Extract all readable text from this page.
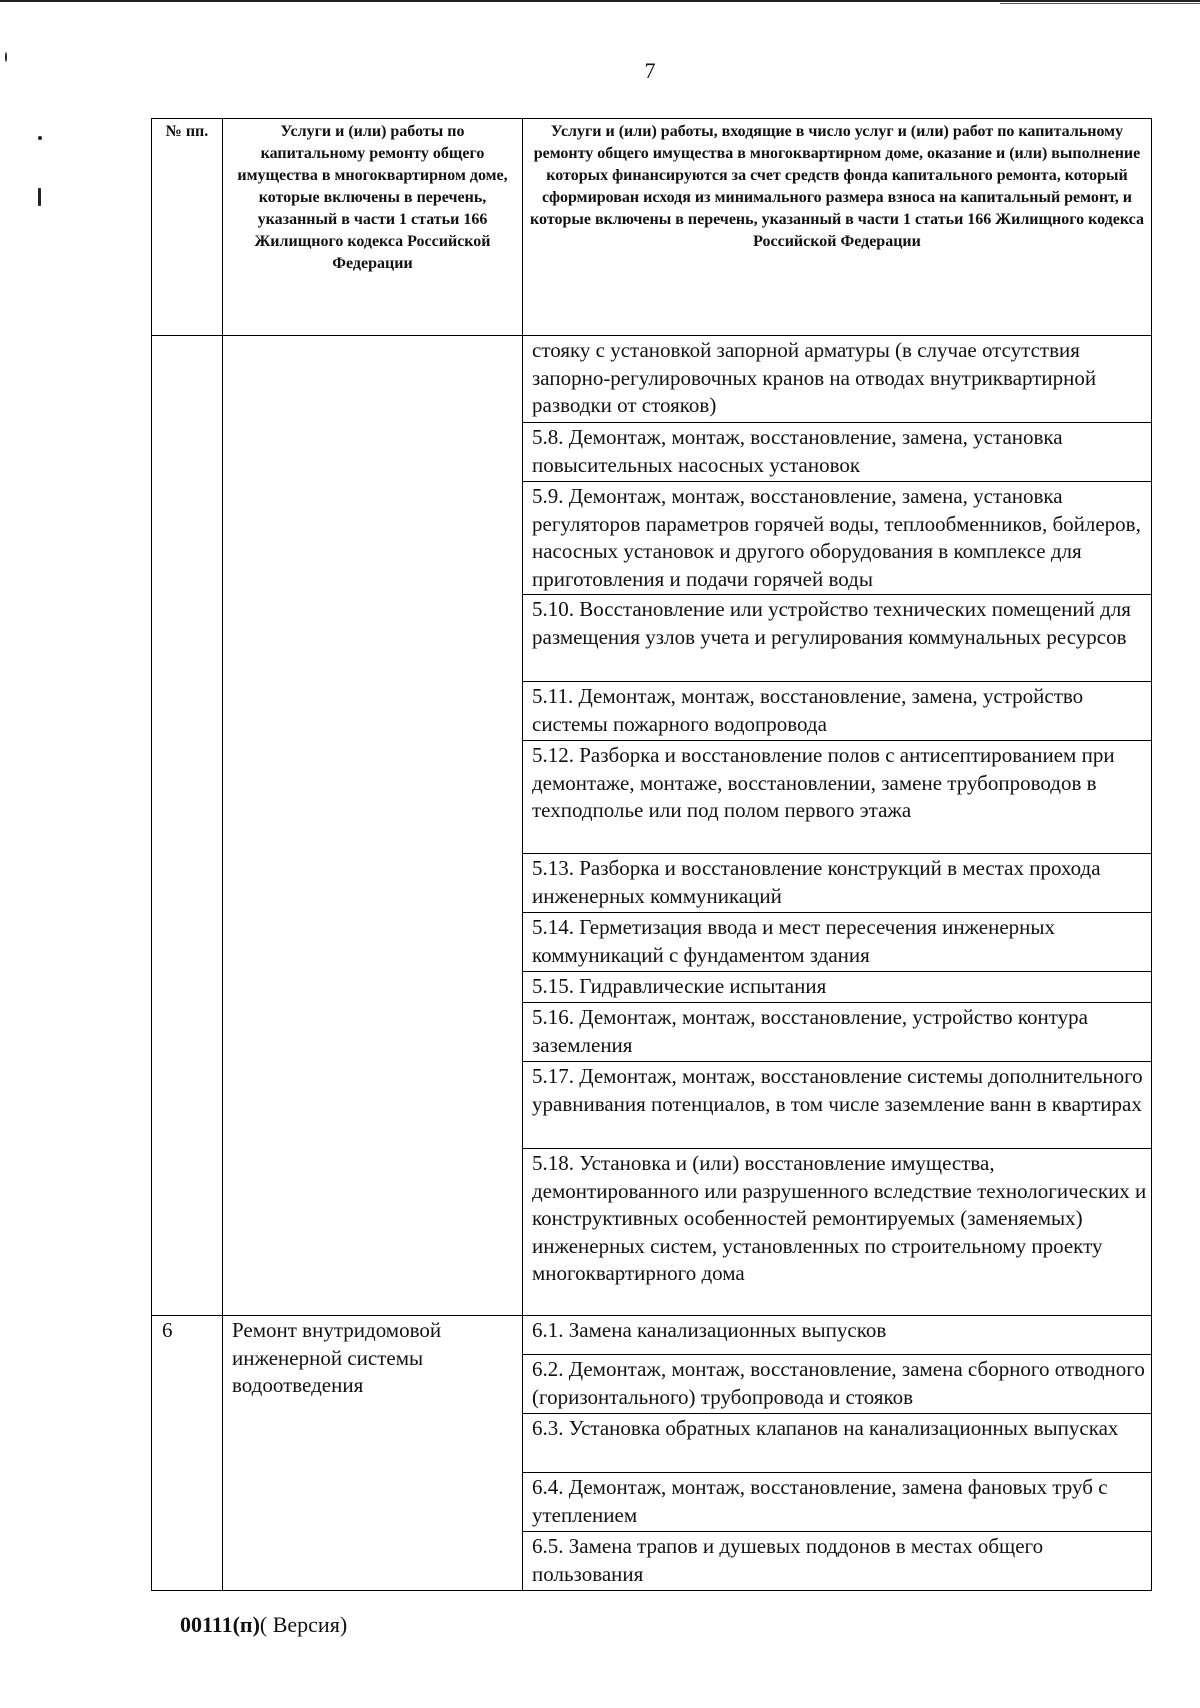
7
№ пп.	Услуги и (или) работы по капитальному ремонту общего имущества в многоквартирном доме, которые включены в перечень, указанный в части 1 статьи 166 Жилищного кодекса Российской Федерации	Услуги и (или) работы, входящие в число услуг и (или) работ по капитальному ремонту общего имущества в многоквартирном доме, оказание и (или) выполнение которых финансируются за счет средств фонда капитального ремонта, который сформирован исходя из минимального размера взноса на капитальный ремонт, и которые включены в перечень, указанный в части 1 статьи 166 Жилищного кодекса Российской Федерации
		стояку с установкой запорной арматуры (в случае отсутствия запорно-регулировочных кранов на отводах внутриквартирной разводки от стояков)
		5.8. Демонтаж, монтаж, восстановление, замена, установка повысительных насосных установок
		5.9. Демонтаж, монтаж, восстановление, замена, установка регуляторов параметров горячей воды, теплообменников, бойлеров, насосных установок и другого оборудования в комплексе для приготовления и подачи горячей воды
		5.10. Восстановление или устройство технических помещений для размещения узлов учета и регулирования коммунальных ресурсов
		5.11. Демонтаж, монтаж, восстановление, замена, устройство системы пожарного водопровода
		5.12. Разборка и восстановление полов с антисептированием при демонтаже, монтаже, восстановлении, замене трубопроводов в техподполье или под полом первого этажа
		5.13. Разборка и восстановление конструкций в местах прохода инженерных коммуникаций
		5.14. Герметизация ввода и мест пересечения инженерных коммуникаций с фундаментом здания
		5.15. Гидравлические испытания
		5.16. Демонтаж, монтаж, восстановление, устройство контура заземления
		5.17. Демонтаж, монтаж, восстановление системы дополнительного уравнивания потенциалов, в том числе заземление ванн в квартирах
		5.18. Установка и (или) восстановление имущества, демонтированного или разрушенного вследствие технологических и конструктивных особенностей ремонтируемых (заменяемых) инженерных систем, установленных по строительному проекту многоквартирного дома
6	Ремонт внутридомовой инженерной системы водоотведения	6.1. Замена канализационных выпусков
		6.2. Демонтаж, монтаж, восстановление, замена сборного отводного (горизонтального) трубопровода и стояков
		6.3. Установка обратных клапанов на канализационных выпусках
		6.4. Демонтаж, монтаж, восстановление, замена фановых труб с утеплением
		6.5. Замена трапов и душевых поддонов в местах общего пользования
00111(п)( Версия)
